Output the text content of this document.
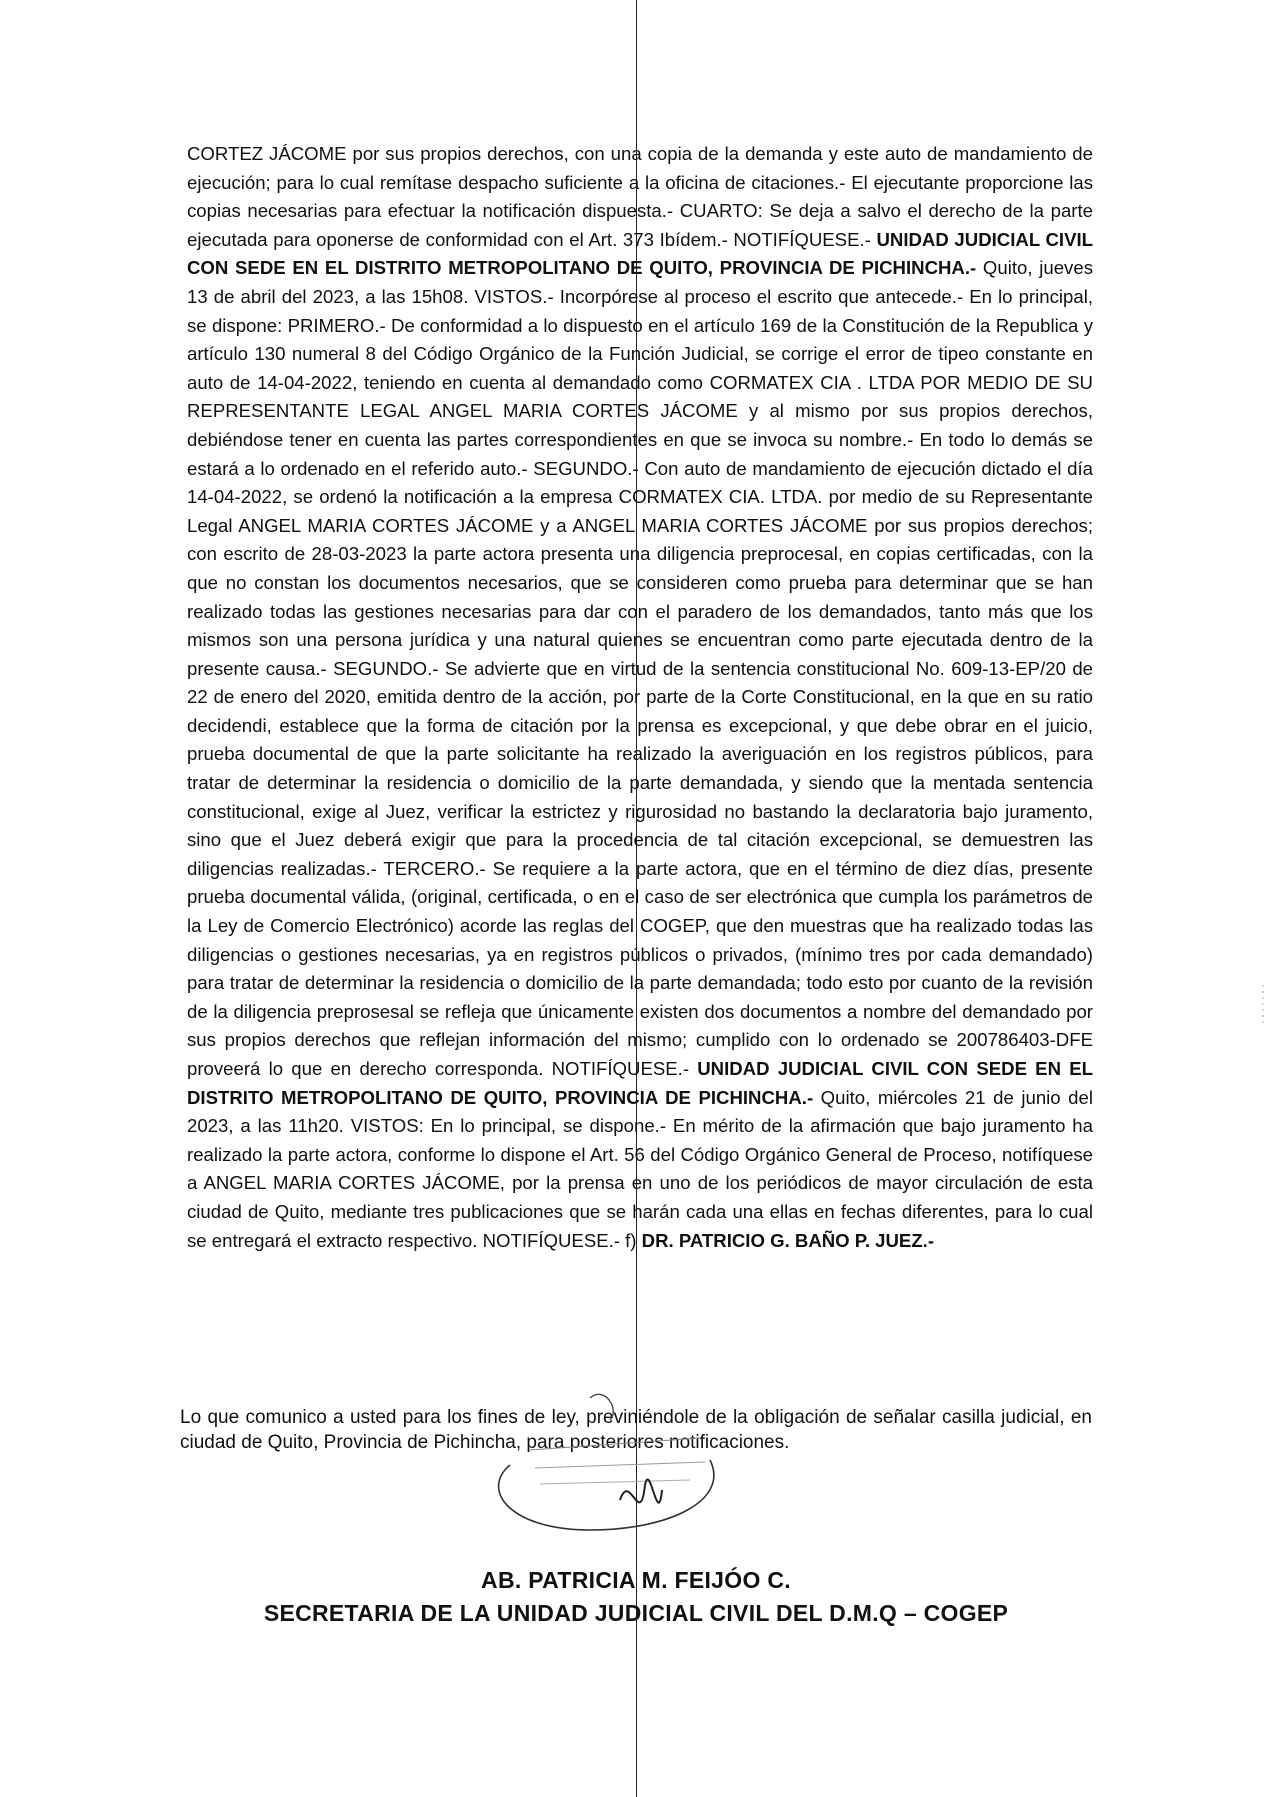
CORTEZ JÁCOME por sus propios derechos, con una copia de la demanda y este auto de mandamiento de ejecución; para lo cual remítase despacho suficiente a la oficina de citaciones.- El ejecutante proporcione las copias necesarias para efectuar la notificación dispuesta.- CUARTO: Se deja a salvo el derecho de la parte ejecutada para oponerse de conformidad con el Art. 373 Ibídem.- NOTIFÍQUESE.- UNIDAD JUDICIAL CIVIL CON SEDE EN EL DISTRITO METROPOLITANO DE QUITO, PROVINCIA DE PICHINCHA.- Quito, jueves 13 de abril del 2023, a las 15h08. VISTOS.- Incorpórese al proceso el escrito que antecede.- En lo principal, se dispone: PRIMERO.- De conformidad a lo dispuesto en el artículo 169 de la Constitución de la Republica y artículo 130 numeral 8 del Código Orgánico de la Función Judicial, se corrige el error de tipeo constante en auto de 14-04-2022, teniendo en cuenta al demandado como CORMATEX CIA . LTDA POR MEDIO DE SU REPRESENTANTE LEGAL ANGEL MARIA CORTES JÁCOME y al mismo por sus propios derechos, debiéndose tener en cuenta las partes correspondientes en que se invoca su nombre.- En todo lo demás se estará a lo ordenado en el referido auto.- SEGUNDO.- Con auto de mandamiento de ejecución dictado el día 14-04-2022, se ordenó la notificación a la empresa CORMATEX CIA. LTDA. por medio de su Representante Legal ANGEL MARIA CORTES JÁCOME y a ANGEL MARIA CORTES JÁCOME por sus propios derechos; con escrito de 28-03-2023 la parte actora presenta una diligencia preprocesal, en copias certificadas, con la que no constan los documentos necesarios, que se consideren como prueba para determinar que se han realizado todas las gestiones necesarias para dar con el paradero de los demandados, tanto más que los mismos son una persona jurídica y una natural quienes se encuentran como parte ejecutada dentro de la presente causa.- SEGUNDO.- Se advierte que en virtud de la sentencia constitucional No. 609-13-EP/20 de 22 de enero del 2020, emitida dentro de la acción, por parte de la Corte Constitucional, en la que en su ratio decidendi, establece que la forma de citación por la prensa es excepcional, y que debe obrar en el juicio, prueba documental de que la parte solicitante ha realizado la averiguación en los registros públicos, para tratar de determinar la residencia o domicilio de la parte demandada, y siendo que la mentada sentencia constitucional, exige al Juez, verificar la estrictez y rigurosidad no bastando la declaratoria bajo juramento, sino que el Juez deberá exigir que para la procedencia de tal citación excepcional, se demuestren las diligencias realizadas.- TERCERO.- Se requiere a la parte actora, que en el término de diez días, presente prueba documental válida, (original, certificada, o en el caso de ser electrónica que cumpla los parámetros de la Ley de Comercio Electrónico) acorde las reglas del COGEP, que den muestras que ha realizado todas las diligencias o gestiones necesarias, ya en registros públicos o privados, (mínimo tres por cada demandado) para tratar de determinar la residencia o domicilio de la parte demandada; todo esto por cuanto de la revisión de la diligencia preprosesal se refleja que únicamente existen dos documentos a nombre del demandado por sus propios derechos que reflejan información del mismo; cumplido con lo ordenado se 200786403-DFE proveerá lo que en derecho corresponda. NOTIFÍQUESE.- UNIDAD JUDICIAL CIVIL CON SEDE EN EL DISTRITO METROPOLITANO DE QUITO, PROVINCIA DE PICHINCHA.- Quito, miércoles 21 de junio del 2023, a las 11h20. VISTOS: En lo principal, se dispone.- En mérito de la afirmación que bajo juramento ha realizado la parte actora, conforme lo dispone el Art. 56 del Código Orgánico General de Proceso, notifíquese a ANGEL MARIA CORTES JÁCOME, por la prensa en uno de los periódicos de mayor circulación de esta ciudad de Quito, mediante tres publicaciones que se harán cada una ellas en fechas diferentes, para lo cual se entregará el extracto respectivo. NOTIFÍQUESE.- f) DR. PATRICIO G. BAÑO P. JUEZ.-

Lo que comunico a usted para los fines de ley, previniéndole de la obligación de señalar casilla judicial, en ciudad de Quito, Provincia de Pichincha, para posteriores notificaciones.

AB. PATRICIA M. FEIJÓO C.
SECRETARIA DE LA UNIDAD JUDICIAL CIVIL DEL D.M.Q – COGEP
